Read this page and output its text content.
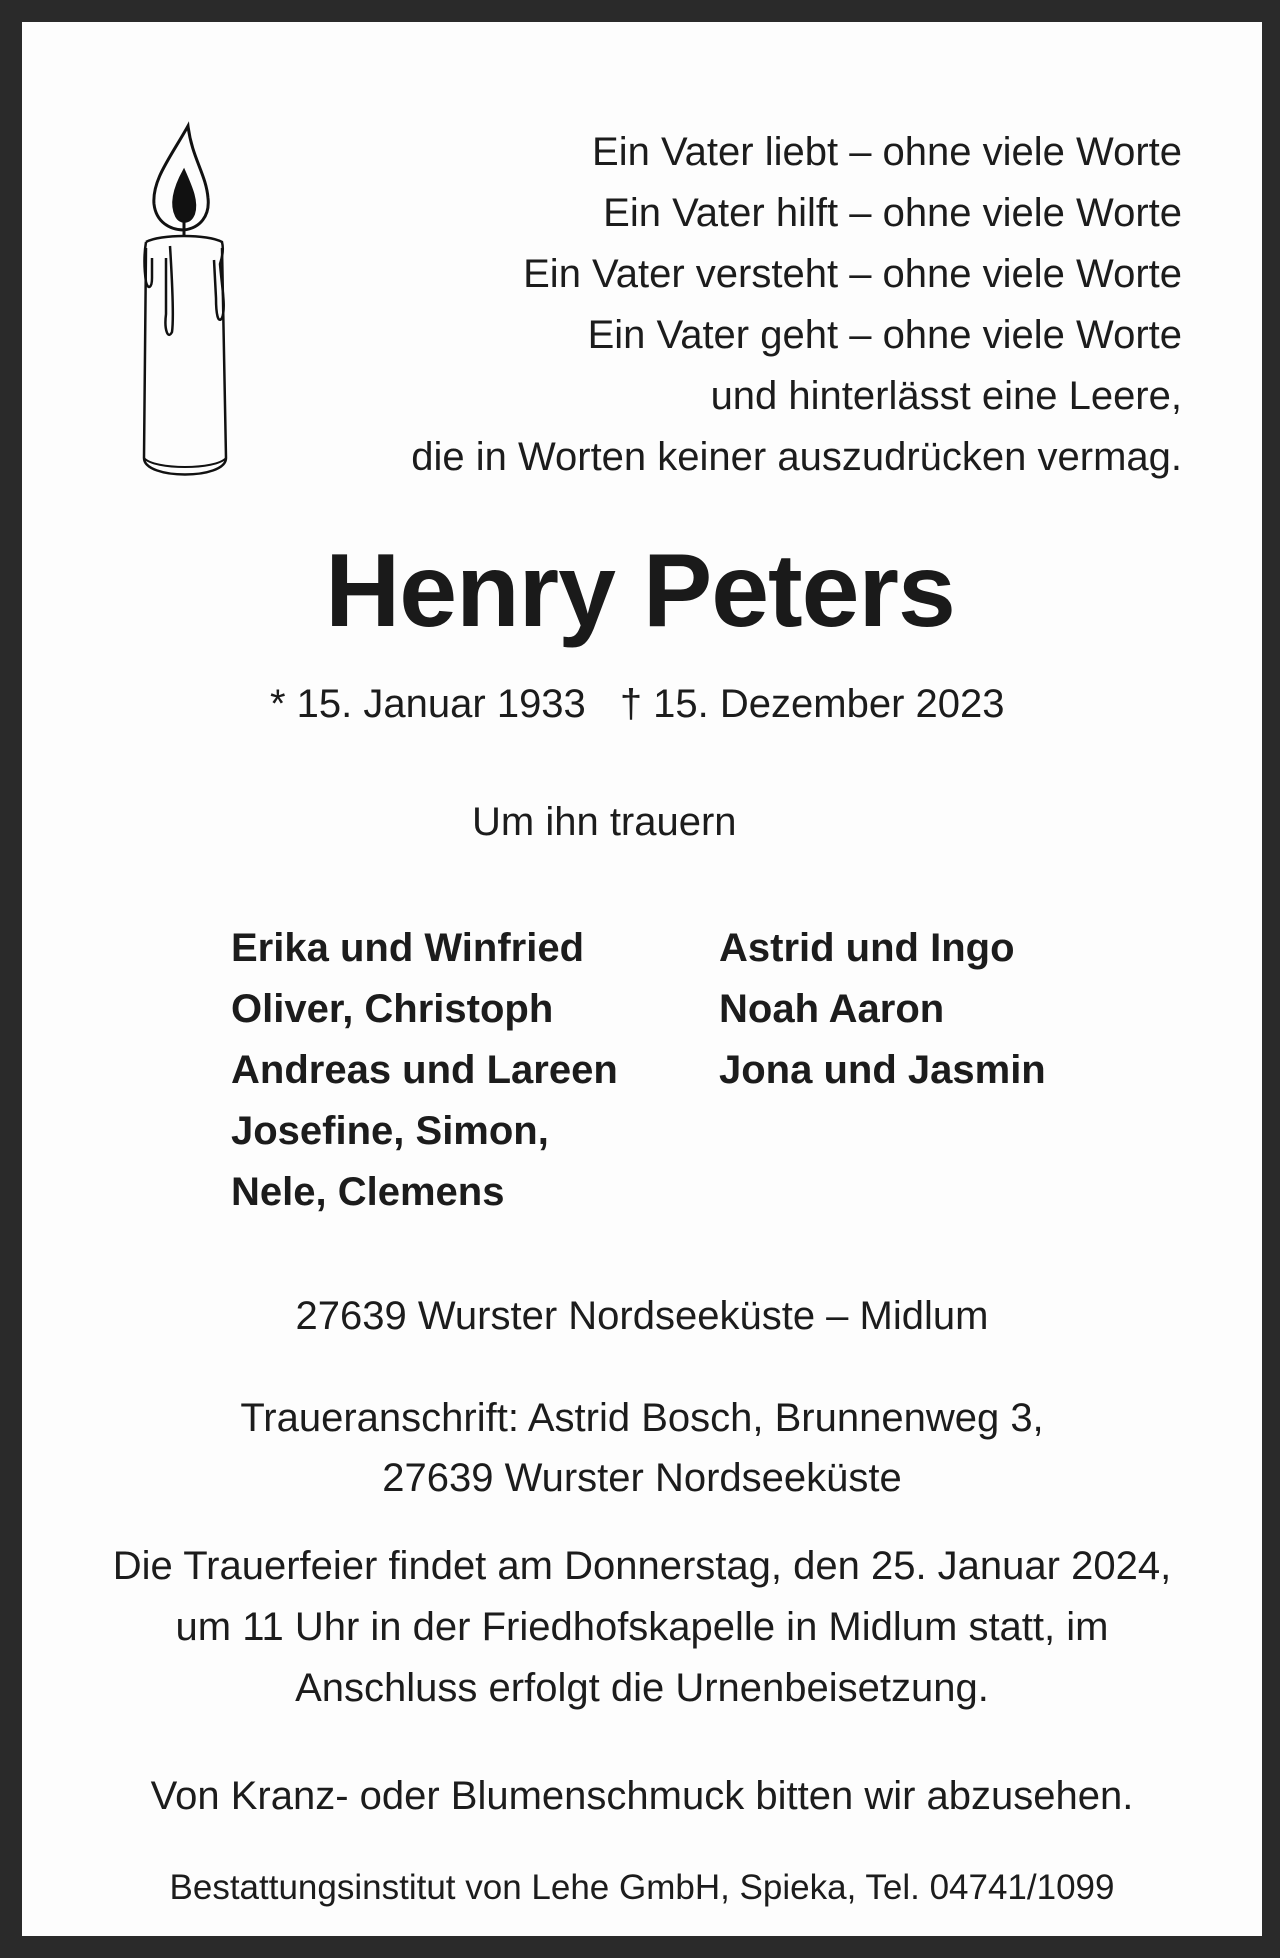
Ein Vater liebt – ohne viele Worte
Ein Vater hilft – ohne viele Worte
Ein Vater versteht – ohne viele Worte
Ein Vater geht – ohne viele Worte
und hinterlässt eine Leere,
die in Worten keiner auszudrücken vermag.
Henry Peters
* 15. Januar 1933 † 15. Dezember 2023
Um ihn trauern
Erika und Winfried
Oliver, Christoph
Andreas und Lareen
Josefine, Simon,
Nele, Clemens
Astrid und Ingo
Noah Aaron
Jona und Jasmin
27639 Wurster Nordseeküste – Midlum
Traueranschrift: Astrid Bosch, Brunnenweg 3,
27639 Wurster Nordseeküste
Die Trauerfeier findet am Donnerstag, den 25. Januar 2024,
um 11 Uhr in der Friedhofskapelle in Midlum statt, im
Anschluss erfolgt die Urnenbeisetzung.
Von Kranz- oder Blumenschmuck bitten wir abzusehen.
Bestattungsinstitut von Lehe GmbH, Spieka, Tel. 04741/1099
